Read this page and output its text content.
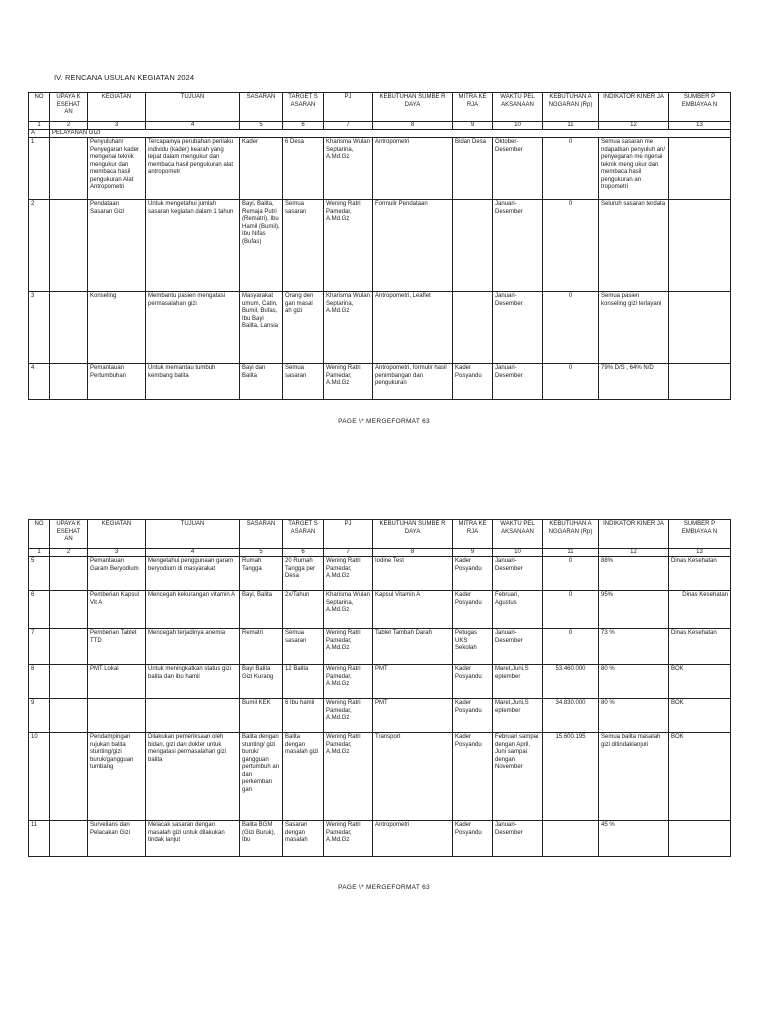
IV. RENCANA USULAN KEGIATAN 2024
NO	UPAYA K ESEHAT AN	KEGIATAN	TUJUAN	SASARAN	TARGET S ASARAN	PJ	KEBUTUHAN SUMBE R DAYA	MITRA KE RJA	WAKTU PEL AKSANAAN	KEBUTUHAN A NGGARAN (Rp)	INDIKATOR KINER JA	SUMBER P EMBIAYAA N
1	2	3	4	5	6	7	8	9	10	11	12	13
A	PELAYANAN GIZI											
1		Penyuluhan/ Penyegaran kader mengenai teknik mengukur dan membaca hasil pengukuran Alat Antropometri	Tercapainya perubahan perilaku individu (kader) kearah yang tepat dalam mengukur dan membaca hasil pengukuran alat antropometr	Kader	6 Desa	Kharisma Wulan Septarina, A.Md.Gz	Antropometri	Bidan Desa	Oktober-Desember	0	Semua sasaran me ndapatkan penyuluh an/ penyegaran me ngenai teknik meng ukur dan membaca hasil pengukuran an tropometri	
2		Pendataan Sasaran Gizi	Untuk mengetahui jumlah sasaran kegiatan dalam 1 tahun	Bayi, Balita, Remaja Putri (Rematri), Ibu Hamil (Bumil), Ibu Nifas (Bufas)	Semua sasaran	Wening Ratri Pamedar, A.Md.Gz	Formulir Pendataan		Januari-Desember	0	Seluruh sasaran terdata	
3		Konseling	Membantu pasien mengatasi permasalahan gizi	Masyarakat umum, Catin, Bumil, Bufas, Ibu Bayi Balita, Lansia	Orang den gan masal ah gizi	Kharisma Wulan Septarina, A.Md.Gz	Antropometri, Leaflet		Januari-Desember	0	Semua pasien konseling gizi terlayani	
4		Pemantauan Pertumbuhan	Untuk memantau tumbuh kembang balita	Bayi dan Balita	Semua sasaran	Wening Ratri Pamedar, A.Md.Gz	Antropometri, formulir hasil penimbangan dan pengukuran	Kader Posyandu	Januari-Desember	0	79% D/S , 64% N/D	
PAGE \* MERGEFORMAT 63
NO	UPAYA K ESEHAT AN	KEGIATAN	TUJUAN	SASARAN	TARGET S ASARAN	PJ	KEBUTUHAN SUMBE R DAYA	MITRA KE RJA	WAKTU PEL AKSANAAN	KEBUTUHAN A NGGARAN (Rp)	INDIKATOR KINER JA	SUMBER P EMBIAYAA N
1	2	3	4	5	6	7	8	9	10	11	12	13
5		Pemantauan Garam Beryodium	Mengetahui penggunaan garam beryodium di masyarakat	Rumah Tangga	20 Rumah Tangga per Desa	Wening Ratri Pamedar, A.Md.Gz	Iodine Test	Kader Posyandu	Januari-Desember	0	88%	Dinas Kesehatan
6		Pemberian Kapsul Vit A	Mencegah kekurangan vitamin A	Bayi, Balita	2x/Tahun	Kharisma Wulan Septarina, A.Md.Gz	Kapsul Vitamin A	Kader Posyandu	Februari, Agustus	0	95%	Dinas Kesehatan
7		Pemberian Tablet TTD	Mencegah terjadinya anemia	Rematri	Semua sasaran	Wening Ratri Pamedar, A.Md.Gz	Tablet Tambah Darah	Petugas UKS Sekolah	Januari-Desember	0	73 %	Dinas Kesehatan
8		PMT Lokal	Untuk meningkatkan status gizi balita dan ibu hamil	Bayi Balita Gizi Kurang	12 Balita	Wening Ratri Pamedar, A.Md.Gz	PMT	Kader Posyandu	Maret,Juni,S eptember	53.460.000	80 %	BOK
9				Bumil KEK	6 Ibu hamil	Wening Ratri Pamedar, A.Md.Gz	PMT	Kader Posyandu	Maret,Juni,S eptember	34.830.000	80 %	BOK
10		Pendampingan rujukan balita stunting/gizi buruk/gangguan tumbang	Dilakukan pemeriksaan oleh bidan, gizi dan dokter untuk mengatasi permasalahan gizi balita	Balita dengan stunting/ gizi buruk/ gangguan pertumbuh an dan perkemban gan	Balita dengan masalah gizi	Wening Ratri Pamedar, A.Md.Gz	Transport	Kader Posyandu	Februari sampai dengan April, Juni sampai dengan November	15.600.195	Semua balita masalah gizi ditindaklanjuti	BOK
11		Surveilans dan Pelacakan Gizi	Melacak sasaran dengan masalah gizi untuk dilakukan tindak lanjut	Balita BGM (Gizi Buruk), Ibu	Sasaran dengan masalah	Wening Ratri Pamedar, A.Md.Gz	Antropometri	Kader Posyandu	Januari-Desember		45 %	
PAGE \* MERGEFORMAT 63
